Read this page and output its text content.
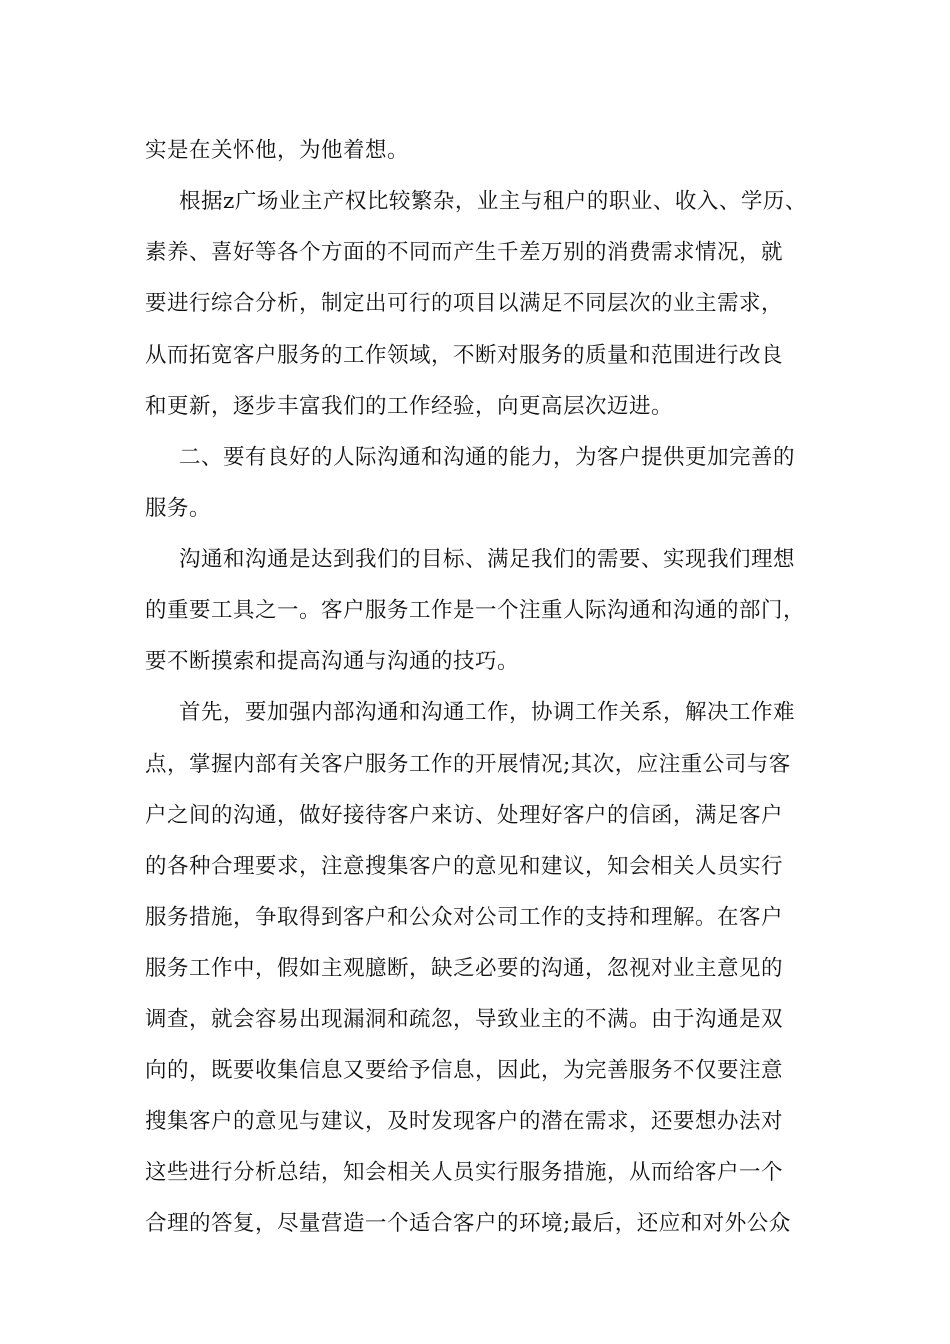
实是在关怀他，为他着想。
根据z广场业主产权比较繁杂，业主与租户的职业、收入、学历、
素养、喜好等各个方面的不同而产生千差万别的消费需求情况，就
要进行综合分析，制定出可行的项目以满足不同层次的业主需求，
从而拓宽客户服务的工作领域，不断对服务的质量和范围进行改良
和更新，逐步丰富我们的工作经验，向更高层次迈进。
二、要有良好的人际沟通和沟通的能力，为客户提供更加完善的
服务。
沟通和沟通是达到我们的目标、满足我们的需要、实现我们理想
的重要工具之一。客户服务工作是一个注重人际沟通和沟通的部门，
要不断摸索和提高沟通与沟通的技巧。
首先，要加强内部沟通和沟通工作，协调工作关系，解决工作难
点，掌握内部有关客户服务工作的开展情况;其次，应注重公司与客
户之间的沟通，做好接待客户来访、处理好客户的信函，满足客户
的各种合理要求，注意搜集客户的意见和建议，知会相关人员实行
服务措施，争取得到客户和公众对公司工作的支持和理解。在客户
服务工作中，假如主观臆断，缺乏必要的沟通，忽视对业主意见的
调查，就会容易出现漏洞和疏忽，导致业主的不满。由于沟通是双
向的，既要收集信息又要给予信息，因此，为完善服务不仅要注意
搜集客户的意见与建议，及时发现客户的潜在需求，还要想办法对
这些进行分析总结，知会相关人员实行服务措施，从而给客户一个
合理的答复，尽量营造一个适合客户的环境;最后，还应和对外公众
